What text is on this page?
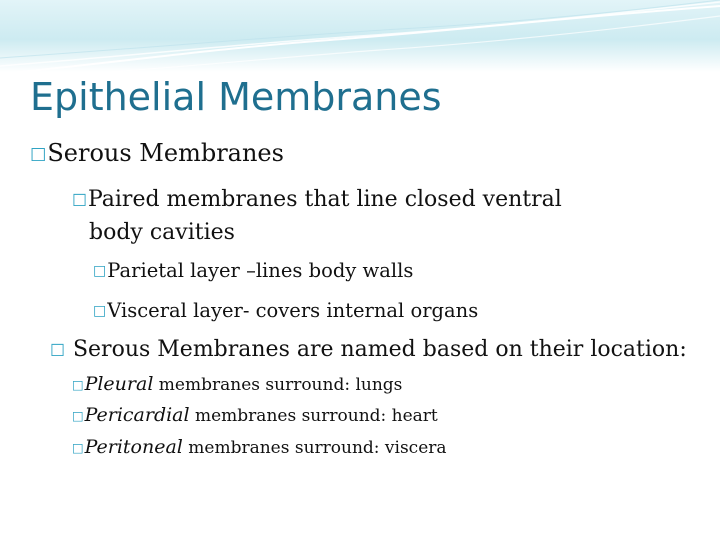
Epithelial Membranes
□Serous Membranes
□Paired membranes that line closed ventral
body cavities
□Parietal layer –lines body walls
□Visceral layer- covers internal organs
□ Serous Membranes are named based on their location:
□Pleural membranes surround: lungs
□Pericardial membranes surround: heart
□Peritoneal membranes surround: viscera
